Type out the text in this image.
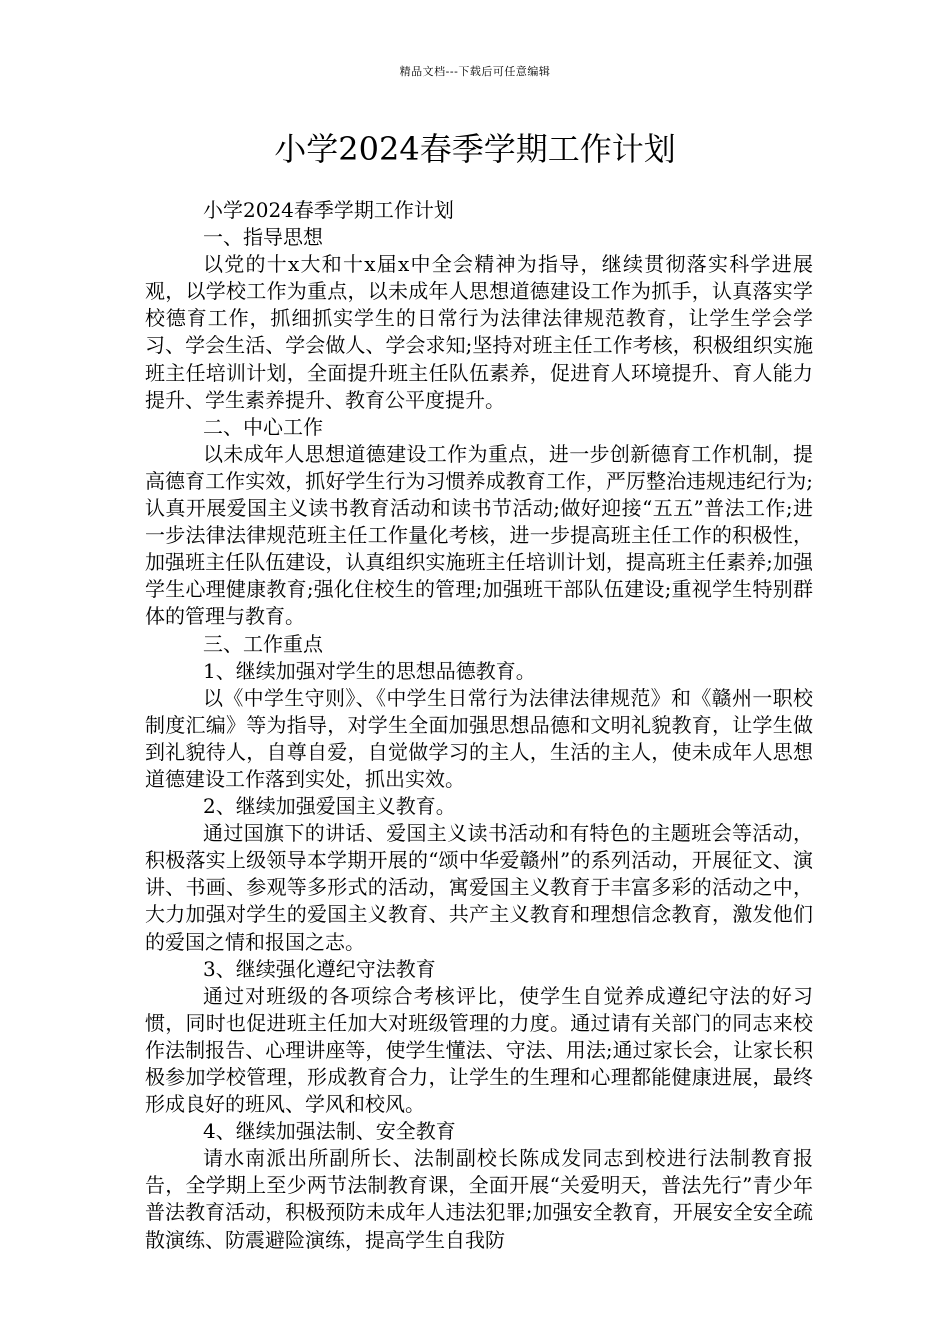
精品文档---下载后可任意编辑
小学2024春季学期工作计划

小学2024春季学期工作计划

一、指导思想

以党的十x大和十x届x中全会精神为指导，继续贯彻落实科学进展观，以学校工作为重点，以未成年人思想道德建设工作为抓手，认真落实学校德育工作，抓细抓实学生的日常行为法律法律规范教育，让学生学会学习、学会生活、学会做人、学会求知;坚持对班主任工作考核，积极组织实施班主任培训计划，全面提升班主任队伍素养，促进育人环境提升、育人能力提升、学生素养提升、教育公平度提升。

二、中心工作

以未成年人思想道德建设工作为重点，进一步创新德育工作机制，提高德育工作实效，抓好学生行为习惯养成教育工作，严厉整治违规违纪行为;认真开展爱国主义读书教育活动和读书节活动;做好迎接“五五”普法工作;进一步法律法律规范班主任工作量化考核，进一步提高班主任工作的积极性，加强班主任队伍建设，认真组织实施班主任培训计划，提高班主任素养;加强学生心理健康教育;强化住校生的管理;加强班干部队伍建设;重视学生特别群体的管理与教育。

三、工作重点

1、继续加强对学生的思想品德教育。

以《中学生守则》、《中学生日常行为法律法律规范》和《赣州一职校制度汇编》等为指导，对学生全面加强思想品德和文明礼貌教育，让学生做到礼貌待人，自尊自爱，自觉做学习的主人，生活的主人，使未成年人思想道德建设工作落到实处，抓出实效。

2、继续加强爱国主义教育。

通过国旗下的讲话、爱国主义读书活动和有特色的主题班会等活动，积极落实上级领导本学期开展的“颂中华爱赣州”的系列活动，开展征文、演讲、书画、参观等多形式的活动，寓爱国主义教育于丰富多彩的活动之中，大力加强对学生的爱国主义教育、共产主义教育和理想信念教育，激发他们的爱国之情和报国之志。

3、继续强化遵纪守法教育

通过对班级的各项综合考核评比，使学生自觉养成遵纪守法的好习惯，同时也促进班主任加大对班级管理的力度。通过请有关部门的同志来校作法制报告、心理讲座等，使学生懂法、守法、用法;通过家长会，让家长积极参加学校管理，形成教育合力，让学生的生理和心理都能健康进展，最终形成良好的班风、学风和校风。

4、继续加强法制、安全教育

请水南派出所副所长、法制副校长陈成发同志到校进行法制教育报告，全学期上至少两节法制教育课，全面开展“关爱明天，普法先行”青少年普法教育活动，积极预防未成年人违法犯罪;加强安全教育，开展安全安全疏散演练、防震避险演练，提高学生自我防
